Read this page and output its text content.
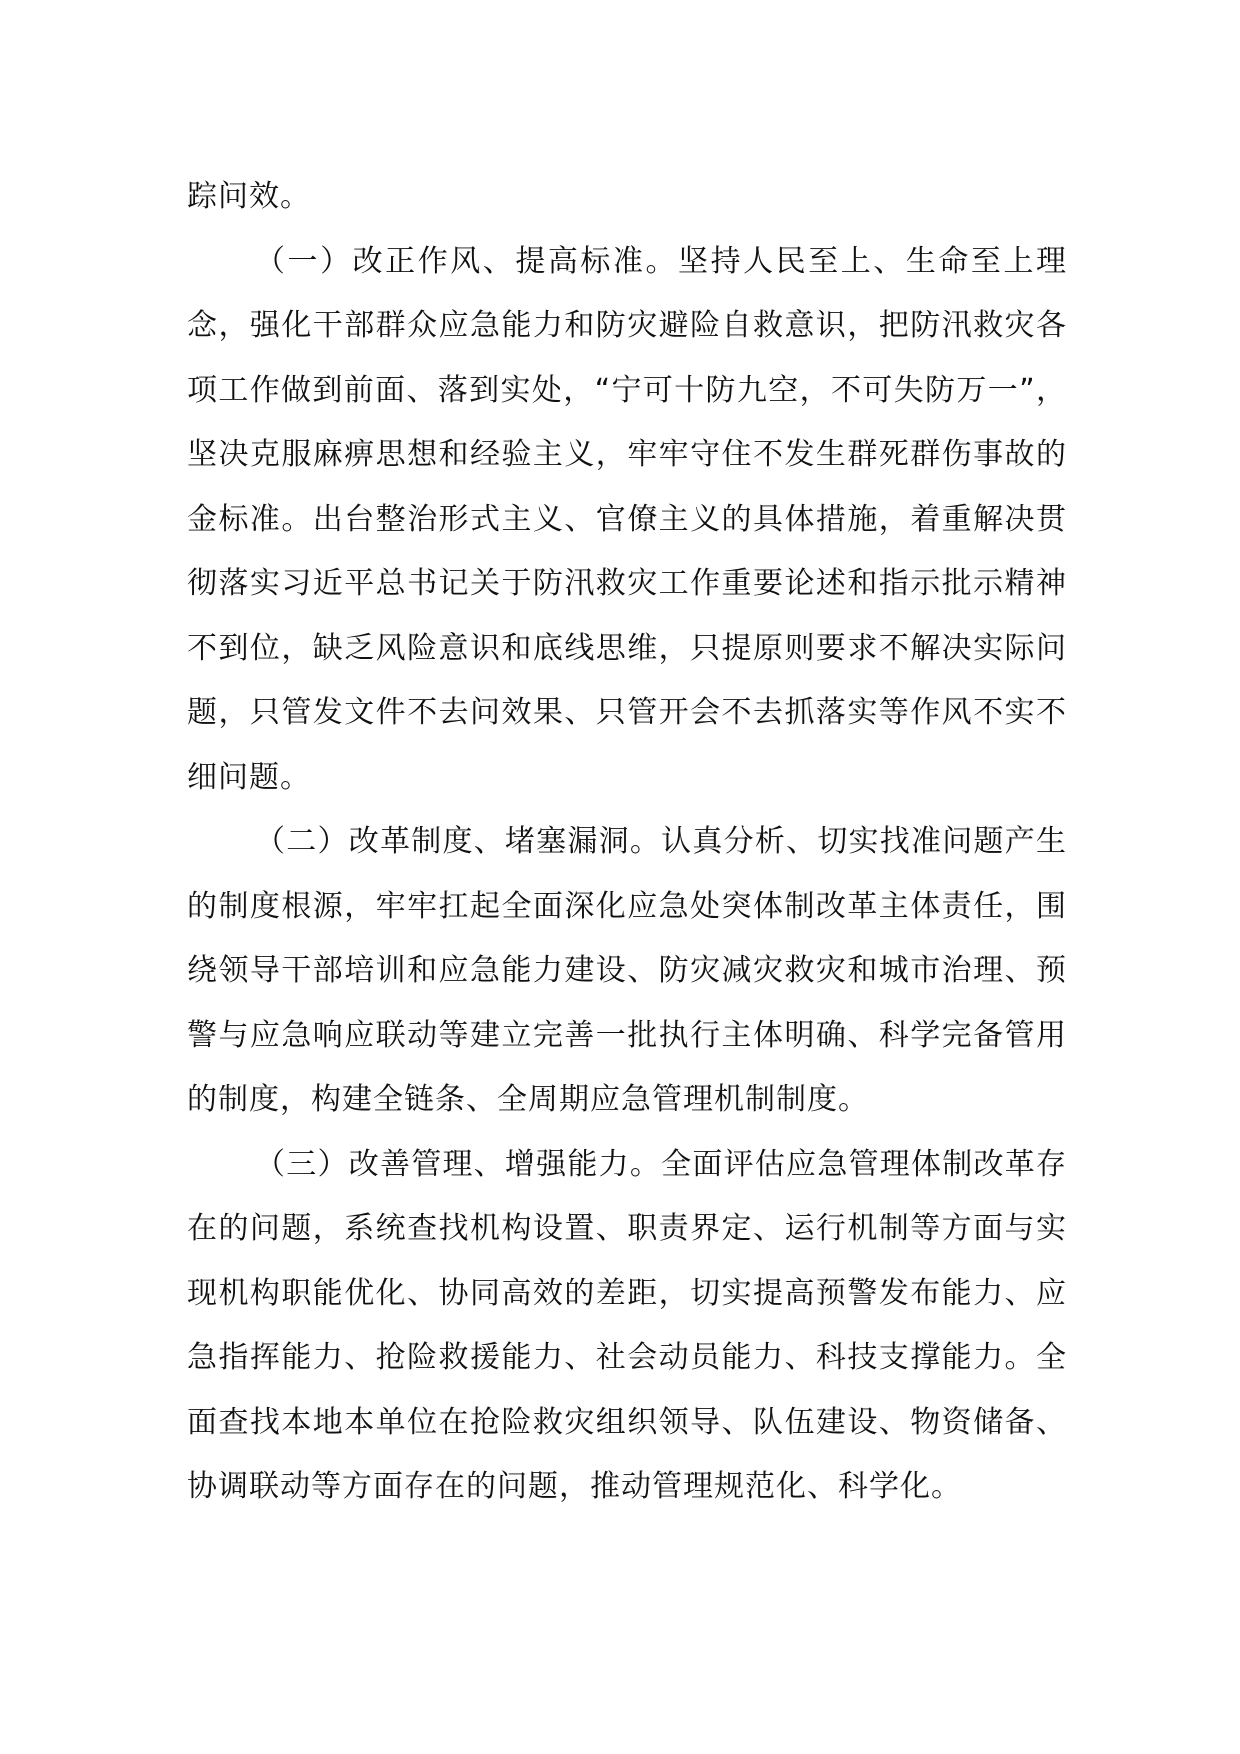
踪问效。

（一）改正作风、提高标准。坚持人民至上、生命至上理念，强化干部群众应急能力和防灾避险自救意识，把防汛救灾各项工作做到前面、落到实处，“宁可十防九空，不可失防万一”，坚决克服麻痹思想和经验主义，牢牢守住不发生群死群伤事故的金标准。出台整治形式主义、官僚主义的具体措施，着重解决贯彻落实习近平总书记关于防汛救灾工作重要论述和指示批示精神不到位，缺乏风险意识和底线思维，只提原则要求不解决实际问题，只管发文件不去问效果、只管开会不去抓落实等作风不实不细问题。

（二）改革制度、堵塞漏洞。认真分析、切实找准问题产生的制度根源，牢牢扛起全面深化应急处突体制改革主体责任，围绕领导干部培训和应急能力建设、防灾减灾救灾和城市治理、预警与应急响应联动等建立完善一批执行主体明确、科学完备管用的制度，构建全链条、全周期应急管理机制制度。

（三）改善管理、增强能力。全面评估应急管理体制改革存在的问题，系统查找机构设置、职责界定、运行机制等方面与实现机构职能优化、协同高效的差距，切实提高预警发布能力、应急指挥能力、抢险救援能力、社会动员能力、科技支撑能力。全面查找本地本单位在抢险救灾组织领导、队伍建设、物资储备、协调联动等方面存在的问题，推动管理规范化、科学化。
